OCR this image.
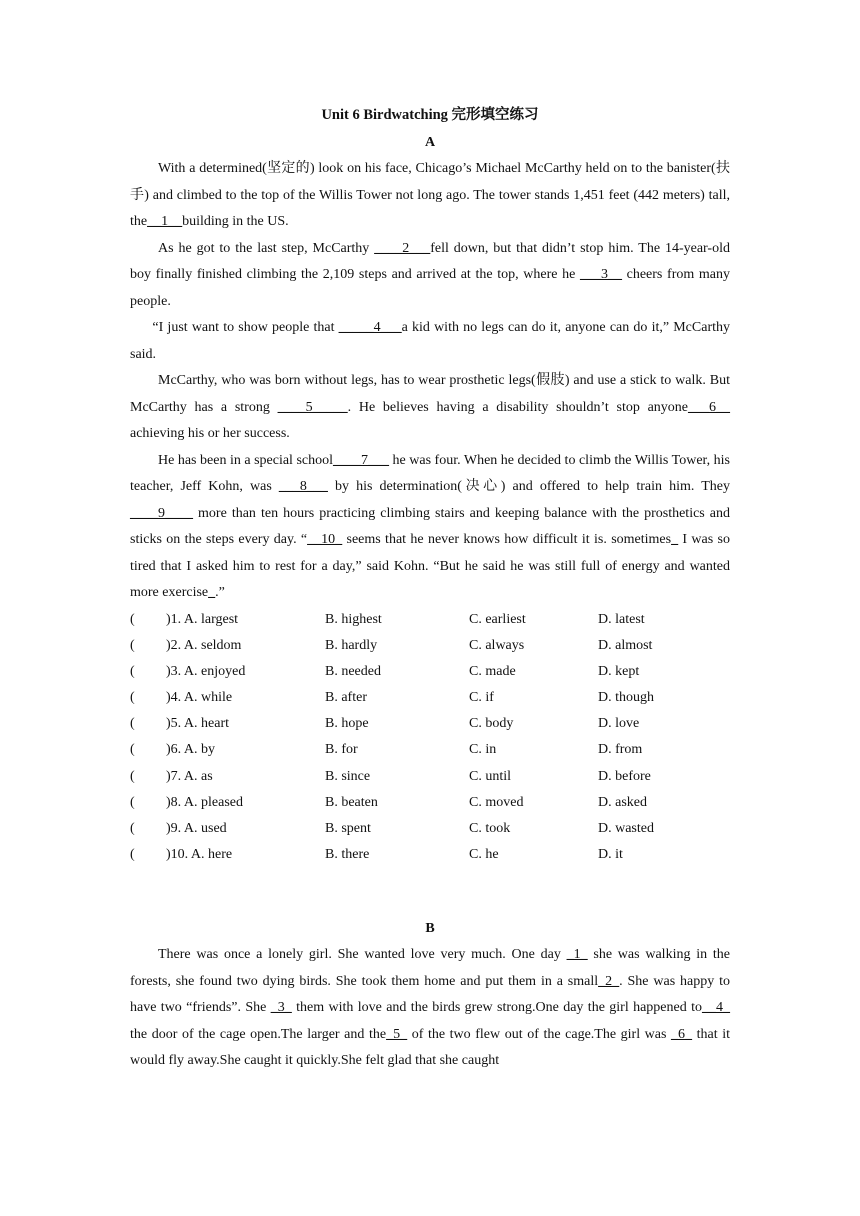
Unit 6 Birdwatching 完形填空练习
A

With a determined(坚定的) look on his face, Chicago’s Michael McCarthy held on to the banister(扶手) and climbed to the top of the Willis Tower not long ago. The tower stands 1,451 feet (442 meters) tall, the__1__building in the US.

As he got to the last step, McCarthy ____2___fell down, but that didn’t stop him. The 14-year-old boy finally finished climbing the 2,109 steps and arrived at the top, where he ___3__ cheers from many people.

“I just want to show people that _____4___a kid with no legs can do it, anyone can do it,” McCarthy said.

McCarthy, who was born without legs, has to wear prosthetic legs(假肢) and use a stick to walk. But McCarthy has a strong ____5_____. He believes having a disability shouldn’t stop anyone___6__ achieving his or her success.

He has been in a special school____7___ he was four. When he decided to climb the Willis Tower, his teacher, Jeff Kohn, was ___8___ by his determination(决心) and offered to help train him. They ____9____ more than ten hours practicing climbing stairs and keeping balance with the prosthetics and sticks on the steps every day. “__10_ seems that he never knows how difficult it is. sometimes_ I was so tired that I asked him to rest for a day,” said Kohn. “But he said he was still full of energy and wanted more exercise_.”

( )1. A. largest	B. highest	C. earliest	D. latest
( )2. A. seldom	B. hardly	C. always	D. almost
( )3. A. enjoyed	B. needed	C. made	D. kept
( )4. A. while	B. after	C. if	D. though
( )5. A. heart	B. hope	C. body	D. love
( )6. A. by	B. for	C. in	D. from
( )7. A. as	B. since	C. until	D. before
( )8. A. pleased	B. beaten	C. moved	D. asked
( )9. A. used	B. spent	C. took	D. wasted
( )10. A. here	B. there	C. he	D. it
B

There was once a lonely girl. She wanted love very much. One day _1_ she was walking in the forests, she found two dying birds. She took them home and put them in a small_2_. She was happy to have two “friends”. She _3_ them with love and the birds grew strong.One day the girl happened to__4_ the door of the cage open.The larger and the_5_ of the two flew out of the cage.The girl was _6_ that it would fly away.She caught it quickly.She felt glad that she caught
